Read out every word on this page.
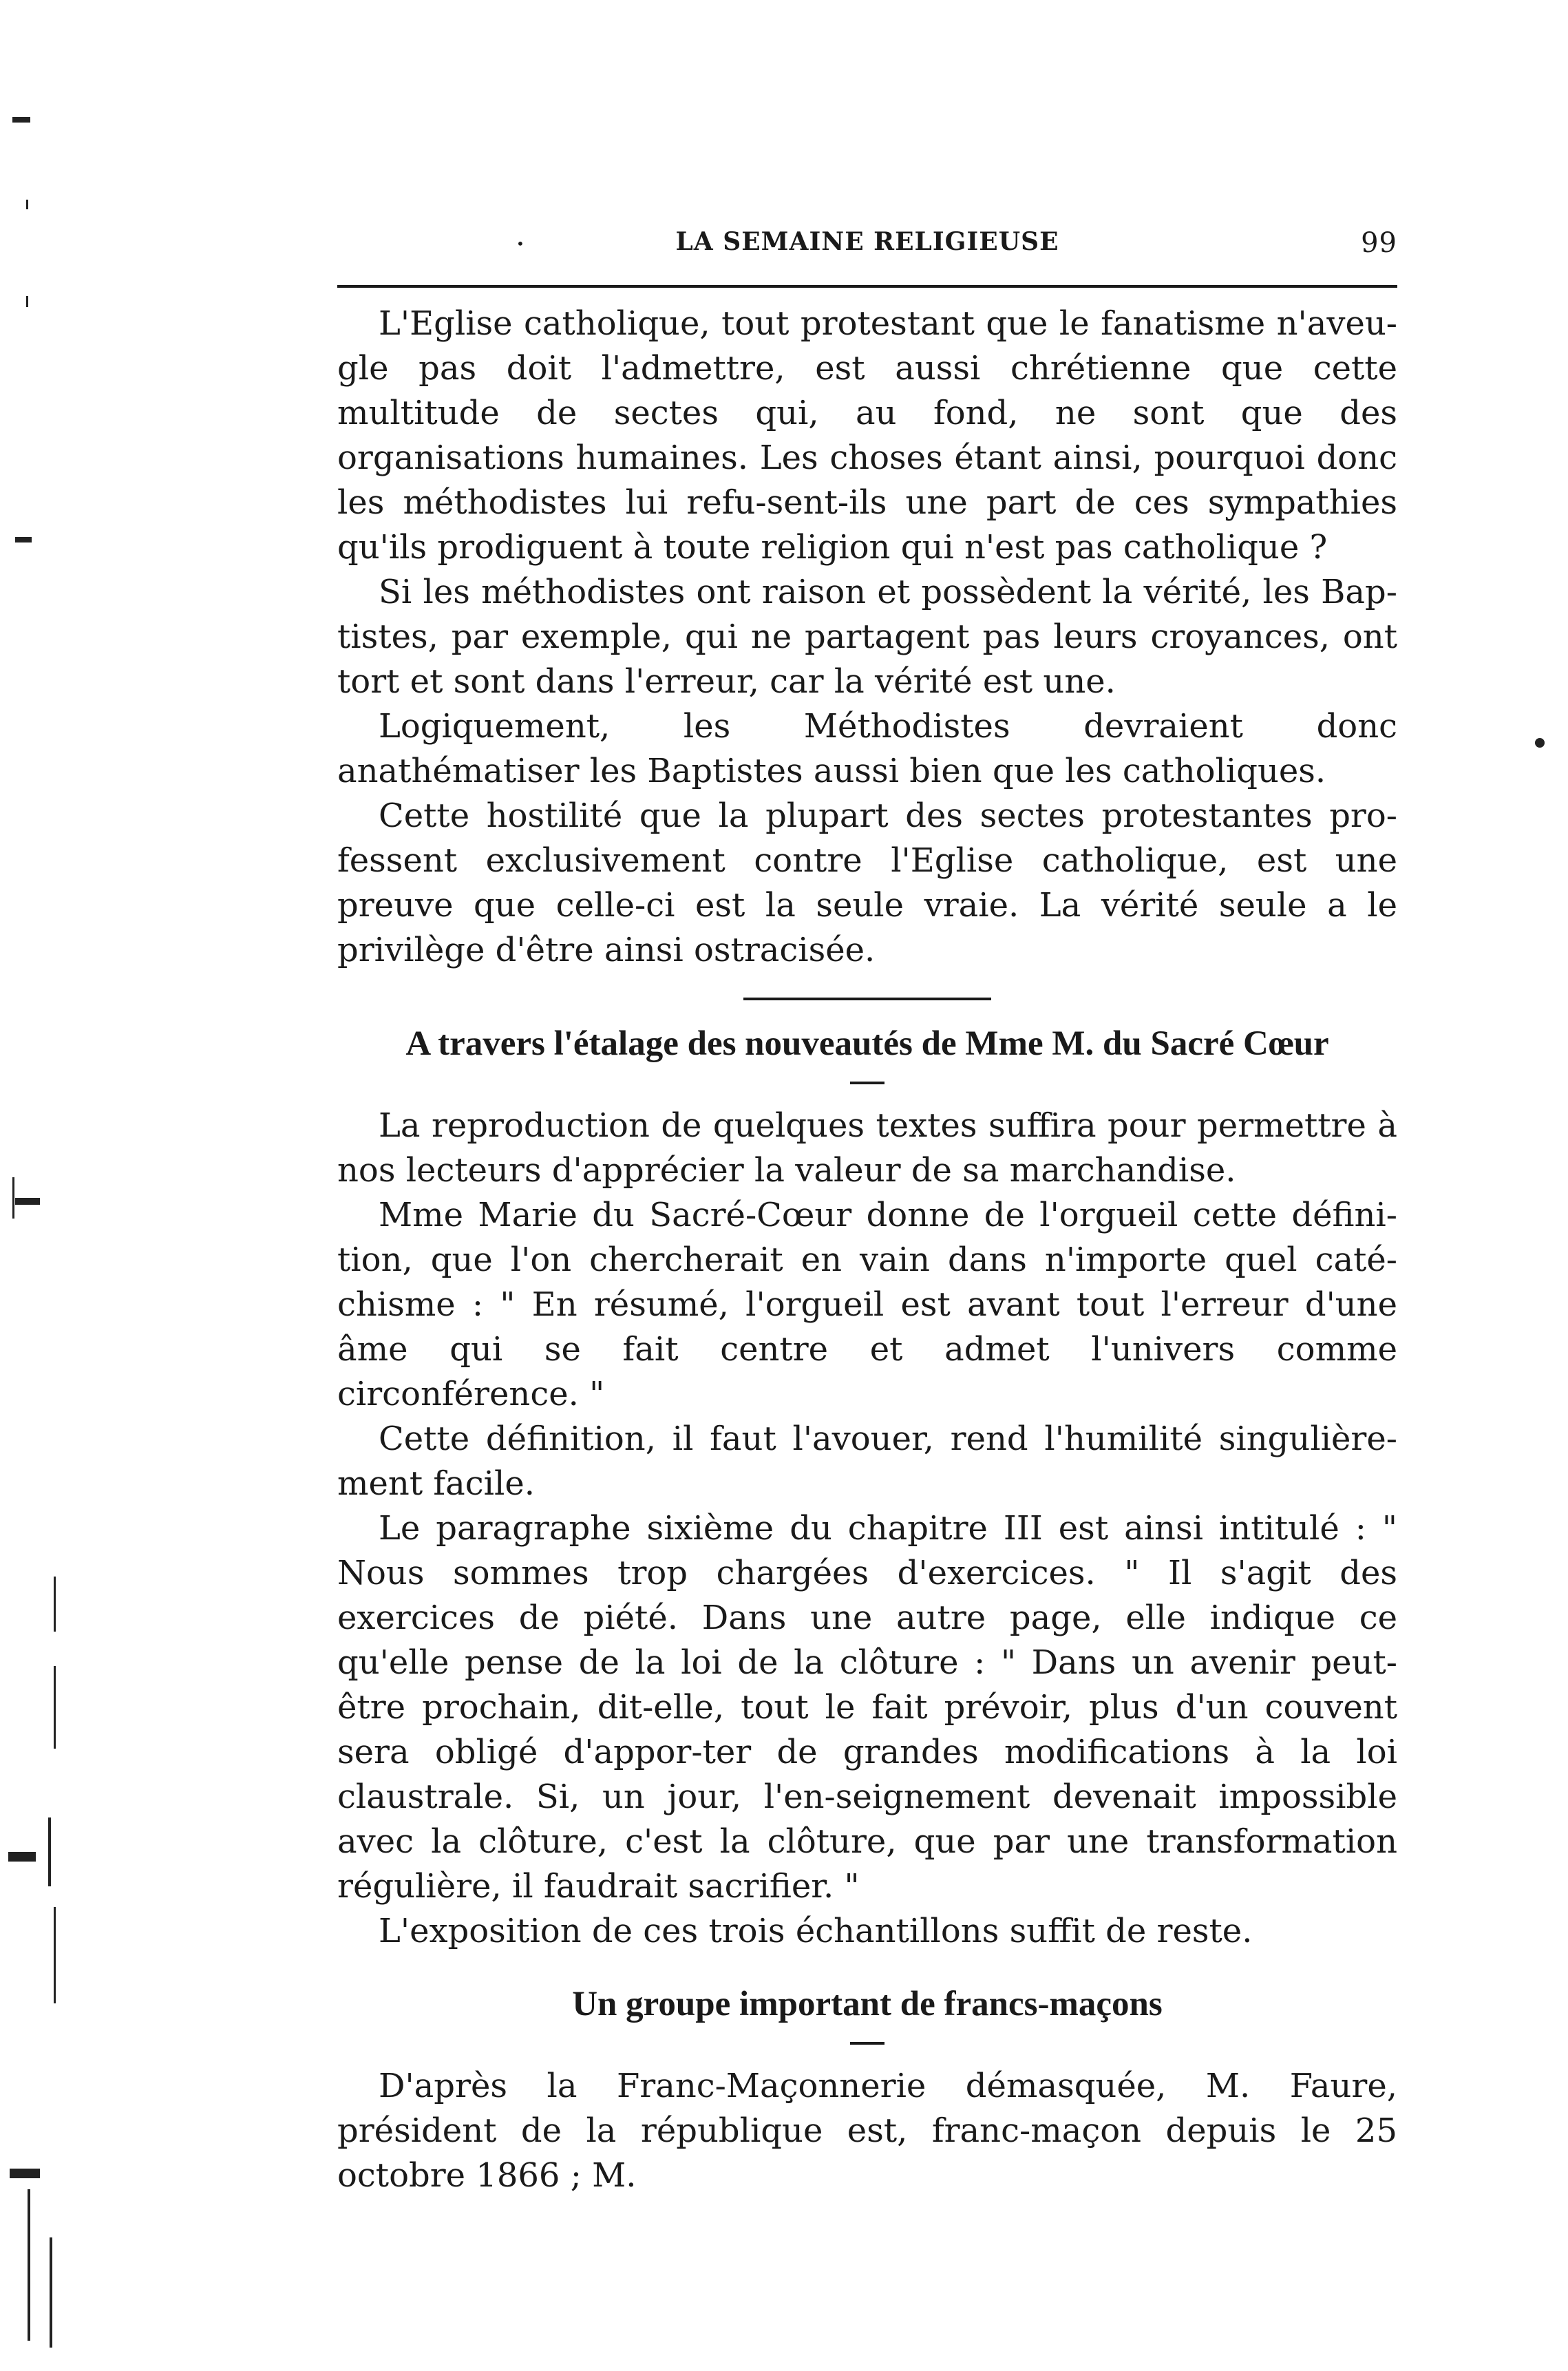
•	LA SEMAINE RELIGIEUSE	99

L'Eglise catholique, tout protestant que le fanatisme n'aveu-gle pas doit l'admettre, est aussi chrétienne que cette multitude de sectes qui, au fond, ne sont que des organisations humaines. Les choses étant ainsi, pourquoi donc les méthodistes lui refu-sent-ils une part de ces sympathies qu'ils prodiguent à toute religion qui n'est pas catholique ?

Si les méthodistes ont raison et possèdent la vérité, les Bap-tistes, par exemple, qui ne partagent pas leurs croyances, ont tort et sont dans l'erreur, car la vérité est une.

Logiquement, les Méthodistes devraient donc anathématiser les Baptistes aussi bien que les catholiques.

Cette hostilité que la plupart des sectes protestantes pro-fessent exclusivement contre l'Eglise catholique, est une preuve que celle-ci est la seule vraie. La vérité seule a le privilège d'être ainsi ostracisée.

A travers l'étalage des nouveautés de Mme M. du Sacré Cœur

La reproduction de quelques textes suffira pour permettre à nos lecteurs d'apprécier la valeur de sa marchandise.

Mme Marie du Sacré-Cœur donne de l'orgueil cette défini-tion, que l'on chercherait en vain dans n'importe quel caté-chisme : " En résumé, l'orgueil est avant tout l'erreur d'une âme qui se fait centre et admet l'univers comme circonférence. "

Cette définition, il faut l'avouer, rend l'humilité singulière-ment facile.

Le paragraphe sixième du chapitre III est ainsi intitulé : " Nous sommes trop chargées d'exercices. " Il s'agit des exercices de piété. Dans une autre page, elle indique ce qu'elle pense de la loi de la clôture : " Dans un avenir peut-être prochain, dit-elle, tout le fait prévoir, plus d'un couvent sera obligé d'appor-ter de grandes modifications à la loi claustrale. Si, un jour, l'en-seignement devenait impossible avec la clôture, c'est la clôture, que par une transformation régulière, il faudrait sacrifier. "

L'exposition de ces trois échantillons suffit de reste.

Un groupe important de francs-maçons

D'après la Franc-Maçonnerie démasquée, M. Faure, président de la république est, franc-maçon depuis le 25 octobre 1866 ; M.
